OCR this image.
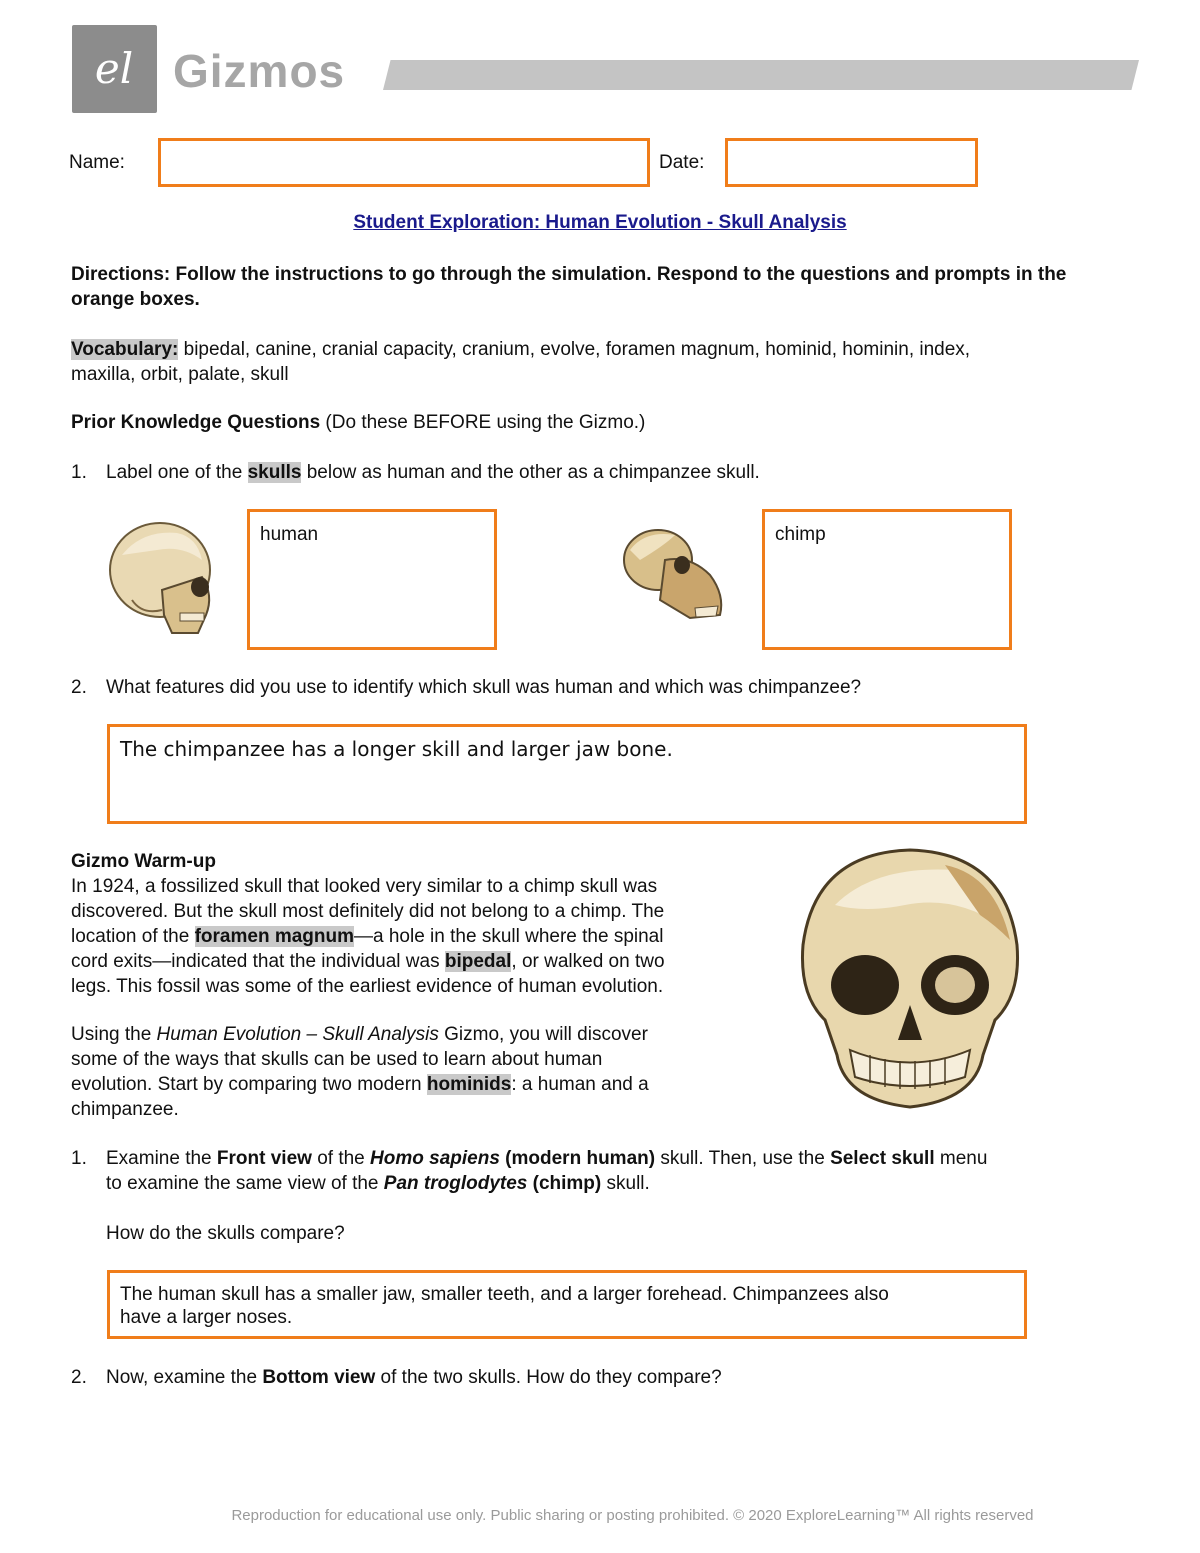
el Gizmos
Name:	Date:
Student Exploration: Human Evolution - Skull Analysis
Directions: Follow the instructions to go through the simulation. Respond to the questions and prompts in the orange boxes.
Vocabulary: bipedal, canine, cranial capacity, cranium, evolve, foramen magnum, hominid, hominin, index,
maxilla, orbit, palate, skull
Prior Knowledge Questions (Do these BEFORE using the Gizmo.)
1. Label one of the skulls below as human and the other as a chimpanzee skull.
human	chimp
2. What features did you use to identify which skull was human and which was chimpanzee?
The chimpanzee has a longer skill and larger jaw bone.
Gizmo Warm-up
In 1924, a fossilized skull that looked very similar to a chimp skull was
discovered. But the skull most definitely did not belong to a chimp. The
location of the foramen magnum—a hole in the skull where the spinal
cord exits—indicated that the individual was bipedal, or walked on two
legs. This fossil was some of the earliest evidence of human evolution.
Using the Human Evolution – Skull Analysis Gizmo, you will discover
some of the ways that skulls can be used to learn about human
evolution. Start by comparing two modern hominids: a human and a
chimpanzee.
1. Examine the Front view of the Homo sapiens (modern human) skull. Then, use the Select skull menu
to examine the same view of the Pan troglodytes (chimp) skull.
How do the skulls compare?
The human skull has a smaller jaw, smaller teeth, and a larger forehead. Chimpanzees also
have a larger noses.
2. Now, examine the Bottom view of the two skulls. How do they compare?
Reproduction for educational use only. Public sharing or posting prohibited. © 2020 ExploreLearning™ All rights reserved
